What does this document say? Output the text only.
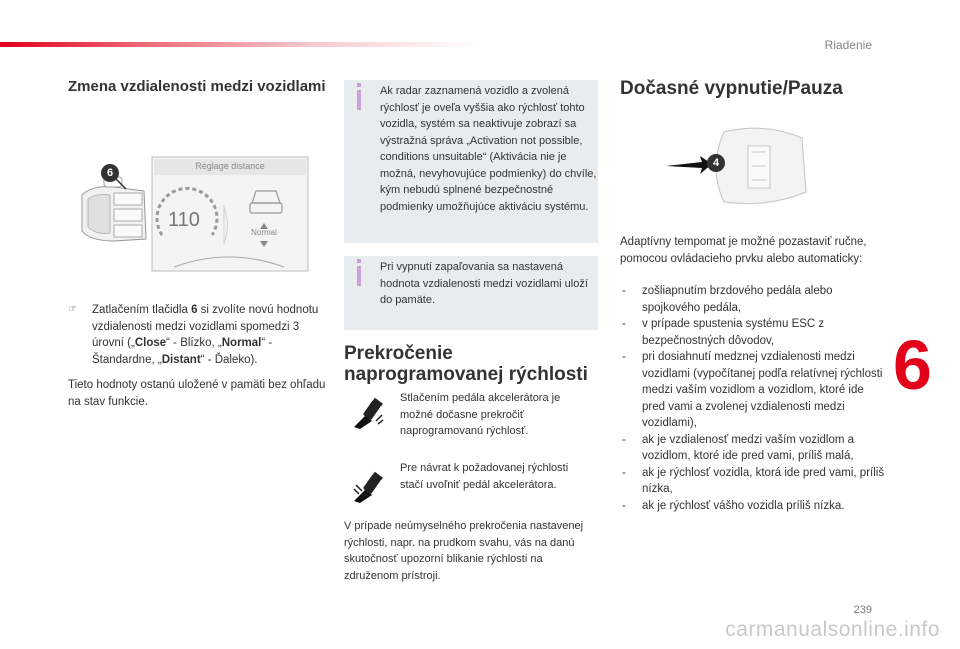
Riadenie
6
239
carmanualsonline.info
Zmena vzdialenosti medzi vozidlami
6
Réglage distance
110
Normal
☞	Zatlačením tlačidla 6 si zvolíte novú hodnotu vzdialenosti medzi vozidlami spomedzi 3 úrovní („Close“ - Blízko, „Normal“ - Štandardne, „Distant“ - Ďaleko).
Tieto hodnoty ostanú uložené v pamäti bez ohľadu na stav funkcie.
Ak radar zaznamená vozidlo a zvolená rýchlosť je oveľa vyššia ako rýchlosť tohto vozidla, systém sa neaktivuje zobrazí sa výstražná správa „Activation not possible, conditions unsuitable“ (Aktivácia nie je možná, nevyhovujúce podmienky) do chvíle, kým nebudú splnené bezpečnostné podmienky umožňujúce aktiváciu systému.
Pri vypnutí zapaľovania sa nastavená hodnota vzdialenosti medzi vozidlami uloží do pamäte.
Prekročenie naprogramovanej rýchlosti
Stlačením pedála akcelerátora je možné dočasne prekročiť naprogramovanú rýchlosť.
Pre návrat k požadovanej rýchlosti stačí uvoľniť pedál akcelerátora.
V prípade neúmyselného prekročenia nastavenej rýchlosti, napr. na prudkom svahu, vás na danú skutočnosť upozorní blikanie rýchlosti na združenom prístroji.
Dočasné vypnutie/Pauza
4
Adaptívny tempomat je možné pozastaviť ručne, pomocou ovládacieho prvku alebo automaticky:
- zošliapnutím brzdového pedála alebo spojkového pedála,
- v prípade spustenia systému ESC z bezpečnostných dôvodov,
- pri dosiahnutí medznej vzdialenosti medzi vozidlami (vypočítanej podľa relatívnej rýchlosti medzi vaším vozidlom a vozidlom, ktoré ide pred vami a zvolenej vzdialenosti medzi vozidlami),
- ak je vzdialenosť medzi vaším vozidlom a vozidlom, ktoré ide pred vami, príliš malá,
- ak je rýchlosť vozidla, ktorá ide pred vami, príliš nízka,
- ak je rýchlosť vášho vozidla príliš nízka.
